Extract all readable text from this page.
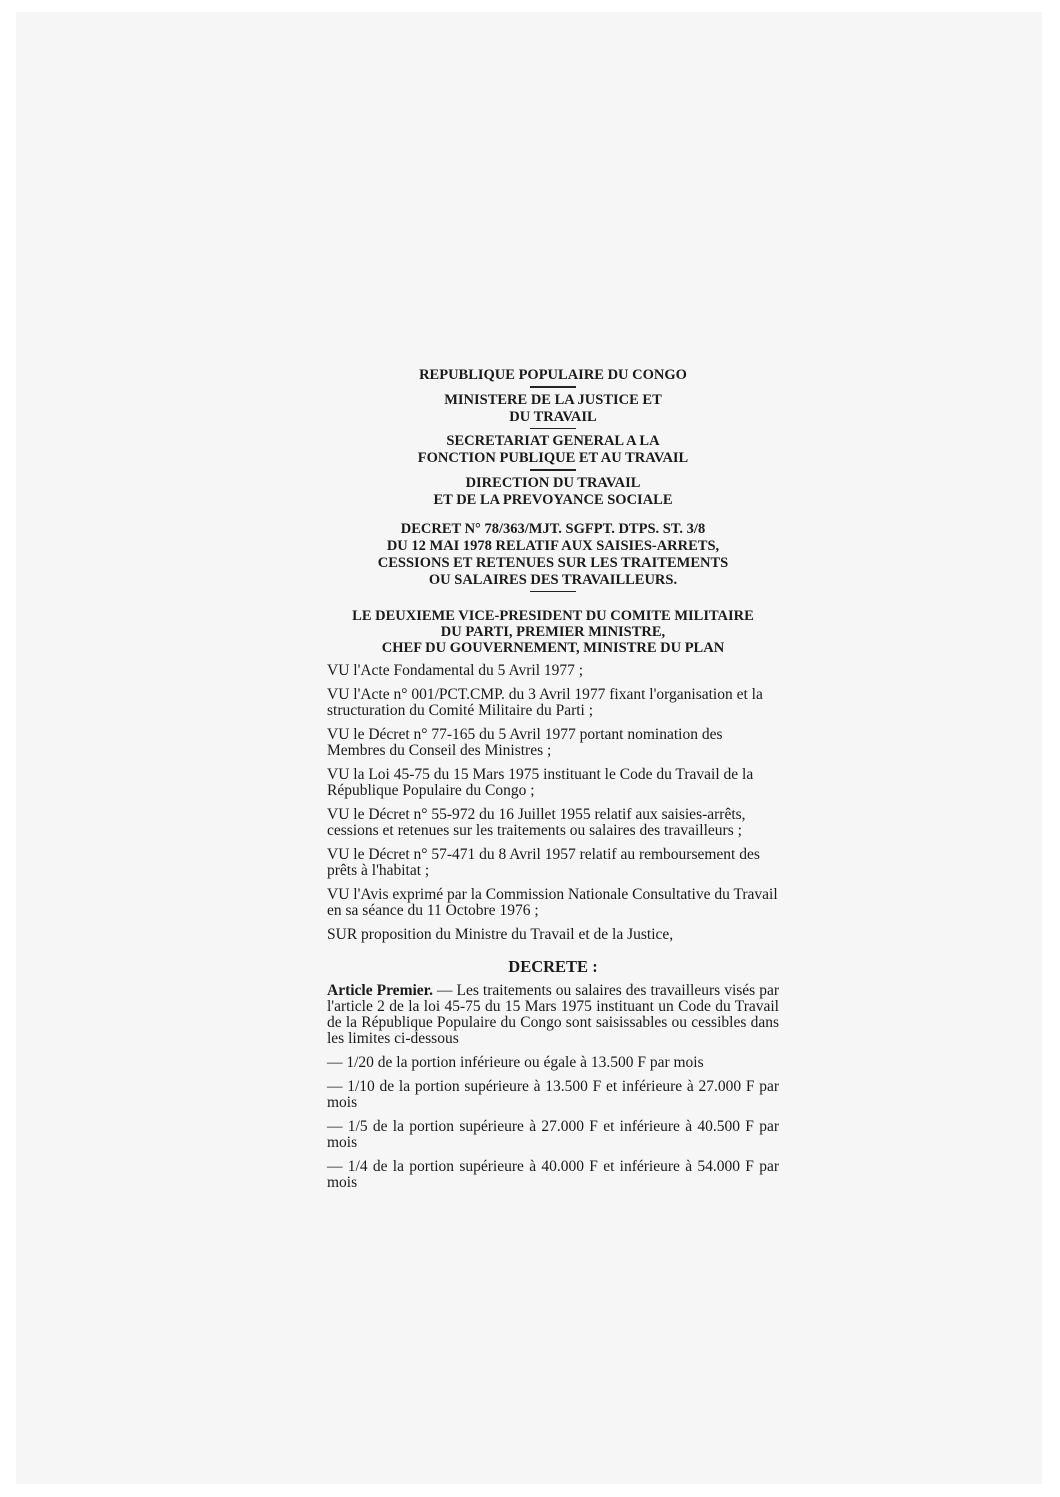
REPUBLIQUE POPULAIRE DU CONGO
MINISTERE DE LA JUSTICE ET
DU TRAVAIL
SECRETARIAT GENERAL A LA
FONCTION PUBLIQUE ET AU TRAVAIL
DIRECTION DU TRAVAIL
ET DE LA PREVOYANCE SOCIALE
DECRET N° 78/363/MJT. SGFPT. DTPS. ST. 3/8
DU 12 MAI 1978 RELATIF AUX SAISIES-ARRETS,
CESSIONS ET RETENUES SUR LES TRAITEMENTS
OU SALAIRES DES TRAVAILLEURS.
LE DEUXIEME VICE-PRESIDENT DU COMITE MILITAIRE
DU PARTI, PREMIER MINISTRE,
CHEF DU GOUVERNEMENT, MINISTRE DU PLAN
VU l'Acte Fondamental du 5 Avril 1977 ;
VU l'Acte n° 001/PCT.CMP. du 3 Avril 1977 fixant l'organisation et la structuration du Comité Militaire du Parti ;
VU le Décret n° 77-165 du 5 Avril 1977 portant nomination des Membres du Conseil des Ministres ;
VU la Loi 45-75 du 15 Mars 1975 instituant le Code du Travail de la République Populaire du Congo ;
VU le Décret n° 55-972 du 16 Juillet 1955 relatif aux saisies-arrêts, cessions et retenues sur les traitements ou salaires des travailleurs ;
VU le Décret n° 57-471 du 8 Avril 1957 relatif au remboursement des prêts à l'habitat ;
VU l'Avis exprimé par la Commission Nationale Consultative du Travail en sa séance du 11 Octobre 1976 ;
SUR proposition du Ministre du Travail et de la Justice,
DECRETE :
Article Premier. — Les traitements ou salaires des travailleurs visés par l'article 2 de la loi 45-75 du 15 Mars 1975 instituant un Code du Travail de la République Populaire du Congo sont saisissables ou cessibles dans les limites ci-dessous
— 1/20 de la portion inférieure ou égale à 13.500 F par mois
— 1/10 de la portion supérieure à 13.500 F et inférieure à 27.000 F par mois
— 1/5 de la portion supérieure à 27.000 F et inférieure à 40.500 F par mois
— 1/4 de la portion supérieure à 40.000 F et inférieure à 54.000 F par mois
